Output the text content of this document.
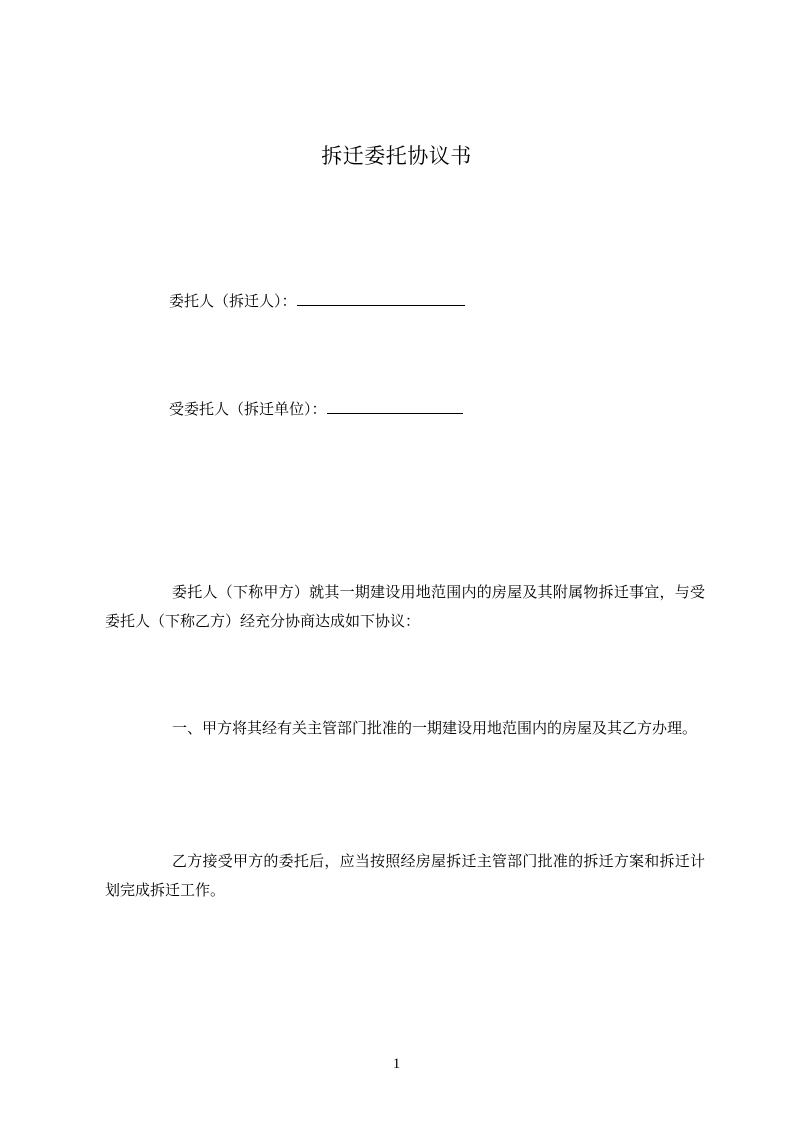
拆迁委托协议书
委托人（拆迁人）：
受委托人（拆迁单位）：
委托人（下称甲方）就其一期建设用地范围内的房屋及其附属物拆迁事宜，与受委托人（下称乙方）经充分协商达成如下协议：
一、甲方将其经有关主管部门批准的一期建设用地范围内的房屋及其乙方办理。
乙方接受甲方的委托后，应当按照经房屋拆迁主管部门批准的拆迁方案和拆迁计划完成拆迁工作。
1
